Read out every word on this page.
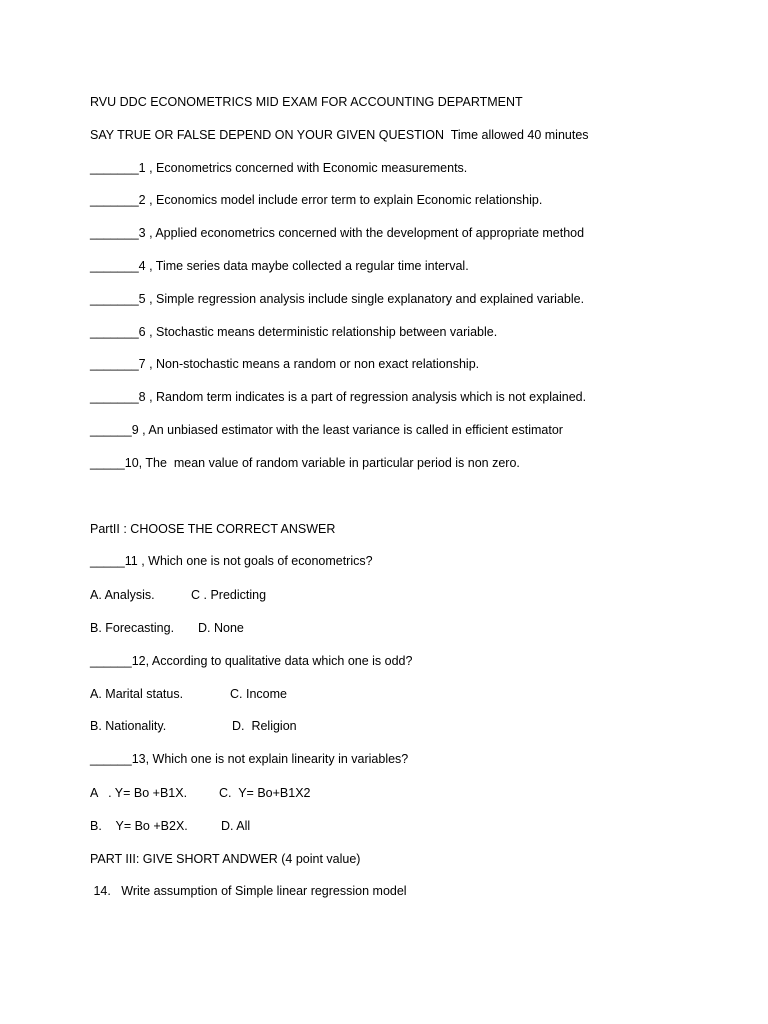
RVU DDC ECONOMETRICS MID EXAM FOR ACCOUNTING DEPARTMENT
SAY TRUE OR FALSE DEPEND ON YOUR GIVEN QUESTION  Time allowed 40 minutes
_______1 , Econometrics concerned with Economic measurements.
_______2 , Economics model include error term to explain Economic relationship.
_______3 , Applied econometrics concerned with the development of appropriate method
_______4 , Time series data maybe collected a regular time interval.
_______5 , Simple regression analysis include single explanatory and explained variable.
_______6 , Stochastic means deterministic relationship between variable.
_______7 , Non-stochastic means a random or non exact relationship.
_______8 , Random term indicates is a part of regression analysis which is not explained.
______9 , An unbiased estimator with the least variance is called in efficient estimator
_____10, The  mean value of random variable in particular period is non zero.
PartII : CHOOSE THE CORRECT ANSWER
_____11 , Which one is not goals of econometrics?
A. Analysis.	C . Predicting
B. Forecasting. D. None
______12, According to qualitative data which one is odd?
A. Marital status.	C. Income
B. Nationality.	D.  Religion
______13, Which one is not explain linearity in variables?
A   . Y= Bo +B1X.	C.  Y= Bo+B1X2
B.    Y= Bo +B2X.	D. All
PART III: GIVE SHORT ANDWER (4 point value)
14.   Write assumption of Simple linear regression model
